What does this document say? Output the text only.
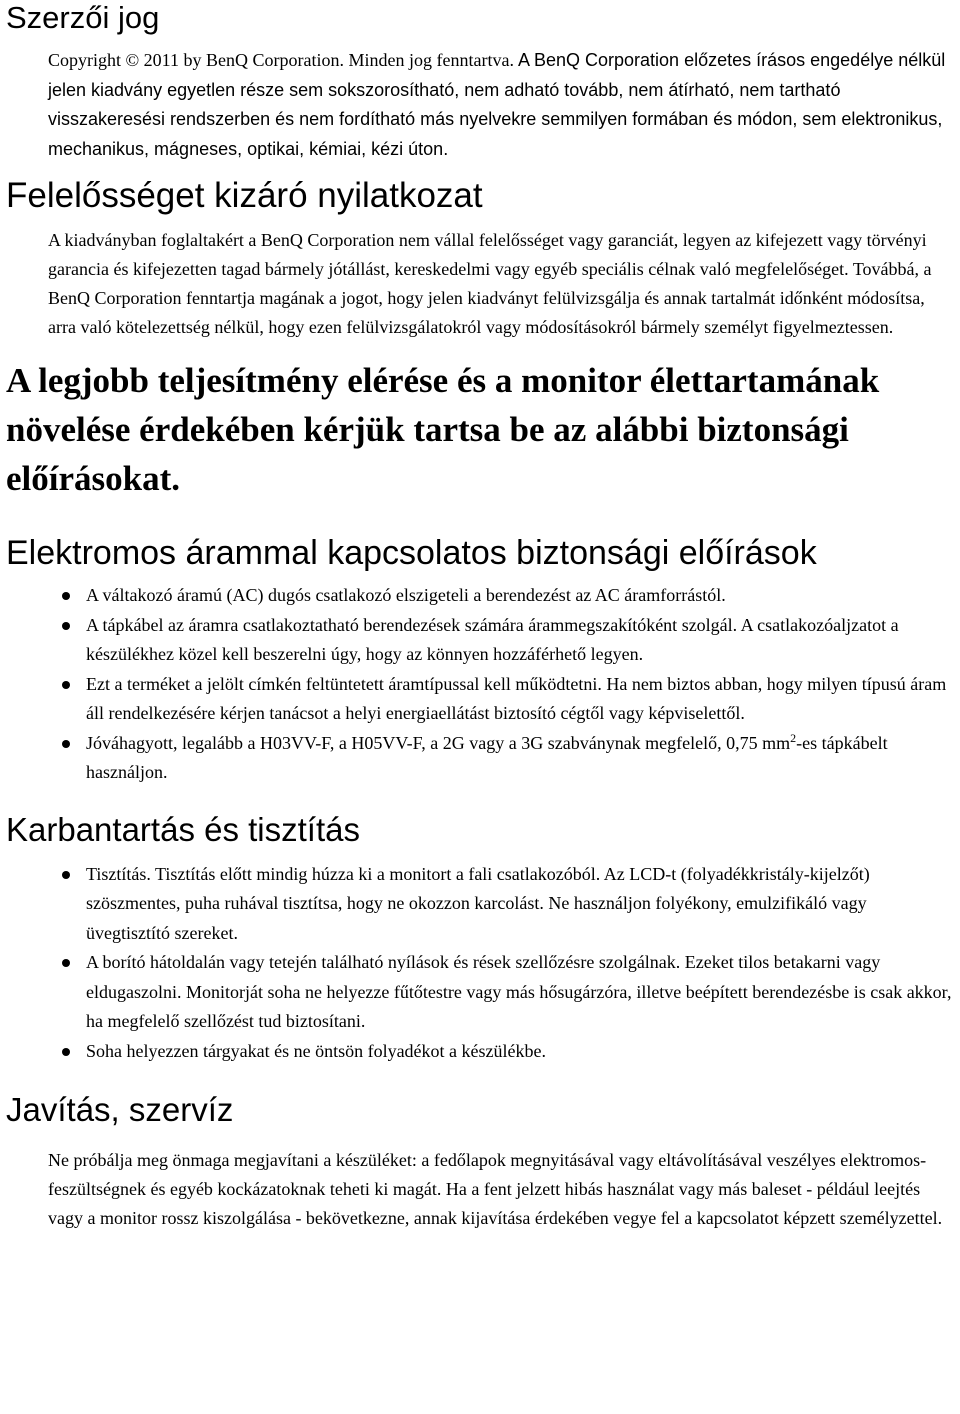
Szerzői jog
Copyright © 2011 by BenQ Corporation. Minden jog fenntartva. A BenQ Corporation előzetes írásos engedélye nélkül jelen kiadvány egyetlen része sem sokszorosítható, nem adható tovább, nem átírható, nem tartható visszakeresési rendszerben és nem fordítható más nyelvekre semmilyen formában és módon, sem elektronikus, mechanikus, mágneses, optikai, kémiai, kézi úton.
Felelősséget kizáró nyilatkozat

A kiadványban foglaltakért a BenQ Corporation nem vállal felelősséget vagy garanciát, legyen az kifejezett vagy törvényi garancia és kifejezetten tagad bármely jótállást, kereskedelmi vagy egyéb speciális célnak való megfelelőséget. Továbbá, a BenQ Corporation fenntartja magának a jogot, hogy jelen kiadványt felülvizsgálja és annak tartalmát időnként módosítsa, arra való kötelezettség nélkül, hogy ezen felülvizsgálatokról vagy módosításokról bármely személyt figyelmeztessen.

A legjobb teljesítmény elérése és a monitor élettartamának növelése érdekében kérjük tartsa be az alábbi biztonsági előírásokat.
Elektromos árammal kapcsolatos biztonsági előírások
A váltakozó áramú (AC) dugós csatlakozó elszigeteli a berendezést az AC áramforrástól.
A tápkábel az áramra csatlakoztatható berendezések számára árammegszakítóként szolgál. A csatlakozóaljzatot a készülékhez közel kell beszerelni úgy, hogy az könnyen hozzáférhető legyen.
Ezt a terméket a jelölt címkén feltüntetett áramtípussal kell működtetni. Ha nem biztos abban, hogy milyen típusú áram áll rendelkezésére kérjen tanácsot a helyi energiaellátást biztosító cégtől vagy képviselettől.
Jóváhagyott, legalább a H03VV-F, a H05VV-F, a 2G vagy a 3G szabványnak megfelelő, 0,75 $mm^2-es$ tápkábelt használjon.
Karbantartás és tisztítás
Tisztítás. Tisztítás előtt mindig húzza ki a monitort a fali csatlakozóból. Az LCD-t (folyadékkristály-kijelzőt) szöszmentes, puha ruhával tisztítsa, hogy ne okozzon karcolást. Ne használjon folyékony, emulzifikáló vagy üvegtisztító szereket.
A borító hátoldalán vagy tetején található nyílások és rések szellőzésre szolgálnak. Ezeket tilos betakarni vagy eldugaszolni. Monitorját soha ne helyezze fűtőtestre vagy más hősugárzóra, illetve beépített berendezésbe is csak akkor, ha megfelelő szellőzést tud biztosítani.
Soha helyezzen tárgyakat és ne öntsön folyadékot a készülékbe.
Javítás, szervíz

Ne próbálja meg önmaga megjavítani a készüléket: a fedőlapok megnyitásával vagy eltávolításával veszélyes elektromos-feszültségnek és egyéb kockázatoknak teheti ki magát. Ha a fent jelzett hibás használat vagy más baleset - például leejtés vagy a monitor rossz kiszolgálása - bekövetkezne, annak kijavítása érdekében vegye fel a kapcsolatot képzett személyzettel.
